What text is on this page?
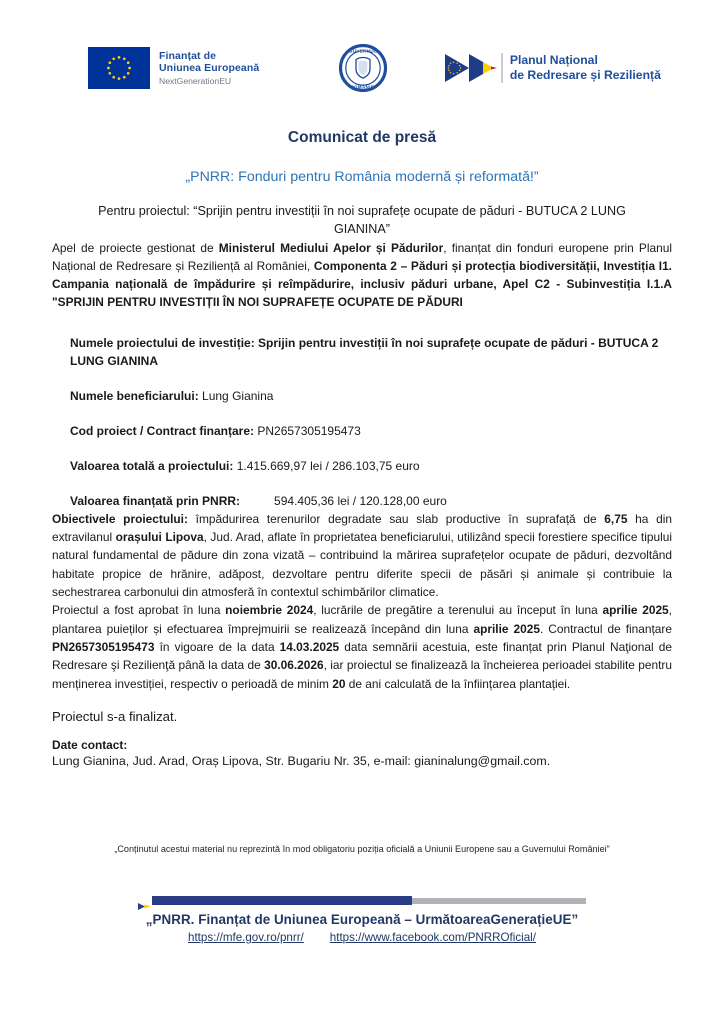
Finanțat de
Uniunea Europeană
NextGenerationEU
GUVERNUL
ROMÂNIEI
Planul Național
de Redresare și Reziliență
Comunicat de presă
„PNRR: Fonduri pentru România modernă și reformată!”
Pentru proiectul: “Sprijin pentru investiții în noi suprafețe ocupate de păduri - BUTUCA 2 LUNG GIANINA”

Apel de proiecte gestionat de Ministerul Mediului Apelor și Pădurilor, finanțat din fonduri europene prin Planul Național de Redresare și Reziliență al României, Componenta 2 – Păduri și protecția biodiversității, Investiția I1. Campania națională de împădurire și reîmpădurire, inclusiv păduri urbane, Apel C2 - Subinvestiția I.1.A "SPRIJIN PENTRU INVESTIȚII ÎN NOI SUPRAFEȚE OCUPATE DE PĂDURI

Numele proiectului de investiție: Sprijin pentru investiții în noi suprafețe ocupate de păduri - BUTUCA 2 LUNG GIANINA

Numele beneficiarului: Lung Gianina

Cod proiect / Contract finanțare: PN2657305195473

Valoarea totală a proiectului: 1.415.669,97 lei / 286.103,75 euro

Valoarea finanțată prin PNRR:	594.405,36 lei / 120.128,00 euro

Obiectivele proiectului: împădurirea terenurilor degradate sau slab productive în suprafață de 6,75 ha din extravilanul orașului Lipova, Jud. Arad, aflate în proprietatea beneficiarului, utilizând specii forestiere specifice tipului natural fundamental de pădure din zona vizată – contribuind la mărirea suprafețelor ocupate de păduri, dezvoltând habitate propice de hrănire, adăpost, dezvoltare pentru diferite specii de păsări și animale și contribuie la sechestrarea carbonului din atmosferă în contextul schimbărilor climatice.

Proiectul a fost aprobat în luna noiembrie 2024, lucrările de pregătire a terenului au început în luna aprilie 2025, plantarea puieților și efectuarea împrejmuirii se realizează începând din luna aprilie 2025. Contractul de finanțare PN2657305195473 în vigoare de la data 14.03.2025 data semnării acestuia, este finanțat prin Planul Naţional de Redresare şi Rezilienţă până la data de 30.06.2026, iar proiectul se finalizează la încheierea perioadei stabilite pentru menținerea investiției, respectiv o perioadă de minim 20 de ani calculată de la înființarea plantației.

Proiectul s-a finalizat.
Date contact:
Lung Gianina, Jud. Arad, Oraș Lipova, Str. Bugariu Nr. 35, e-mail: gianinalung@gmail.com.
„Conținutul acestui material nu reprezintă în mod obligatoriu poziția oficială a Uniunii Europene sau a Guvernului României”
„PNRR. Finanțat de Uniunea Europeană – UrmătoareaGenerațieUE”
https://mfe.gov.ro/pnrr/ https://www.facebook.com/PNRROficial/
